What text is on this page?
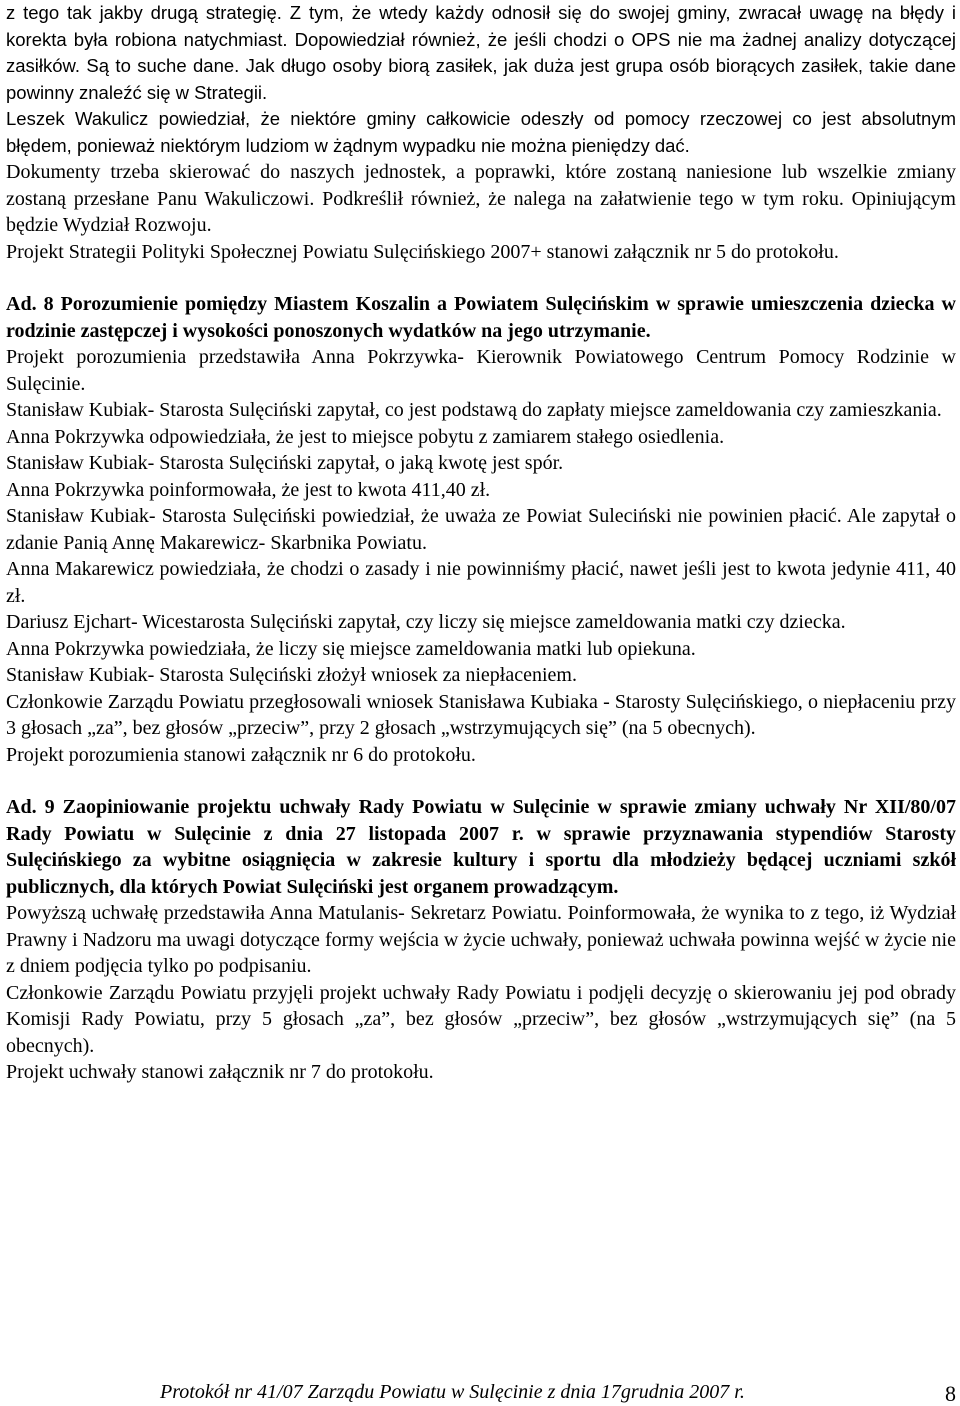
z tego tak jakby drugą strategię. Z tym, że wtedy każdy odnosił się do swojej gminy, zwracał uwagę na błędy i korekta była robiona natychmiast. Dopowiedział również, że jeśli chodzi o OPS nie ma żadnej analizy dotyczącej zasiłków. Są to suche dane. Jak długo osoby biorą zasiłek, jak duża jest grupa osób biorących zasiłek, takie dane powinny znaleźć się w Strategii.

Leszek Wakulicz powiedział, że niektóre gminy całkowicie odeszły od pomocy rzeczowej co jest absolutnym błędem, ponieważ niektórym ludziom w żądnym wypadku nie można pieniędzy dać.

Dokumenty trzeba skierować do naszych jednostek, a poprawki, które zostaną naniesione lub wszelkie zmiany zostaną przesłane Panu Wakuliczowi. Podkreślił również, że nalega na załatwienie tego w tym roku. Opiniującym będzie Wydział Rozwoju.

Projekt Strategii Polityki Społecznej Powiatu Sulęcińskiego 2007+ stanowi załącznik nr 5 do protokołu.

Ad. 8 Porozumienie pomiędzy Miastem Koszalin a Powiatem Sulęcińskim w sprawie umieszczenia dziecka w rodzinie zastępczej i wysokości ponoszonych wydatków na jego utrzymanie.

Projekt porozumienia przedstawiła Anna Pokrzywka- Kierownik Powiatowego Centrum Pomocy Rodzinie w Sulęcinie.

Stanisław Kubiak- Starosta Sulęciński zapytał, co jest podstawą do zapłaty miejsce zameldowania czy zamieszkania.

Anna Pokrzywka odpowiedziała, że jest to miejsce pobytu z zamiarem stałego osiedlenia.

Stanisław Kubiak- Starosta Sulęciński zapytał, o jaką kwotę jest spór.

Anna Pokrzywka poinformowała, że jest to kwota 411,40 zł.

Stanisław Kubiak- Starosta Sulęciński powiedział, że uważa ze Powiat Suleciński nie powinien płacić. Ale zapytał o zdanie Panią Annę Makarewicz- Skarbnika Powiatu.

Anna Makarewicz powiedziała, że chodzi o zasady i nie powinniśmy płacić, nawet jeśli jest to kwota jedynie 411, 40 zł.

Dariusz Ejchart- Wicestarosta Sulęciński zapytał, czy liczy się miejsce zameldowania matki czy dziecka.

Anna Pokrzywka powiedziała, że liczy się miejsce zameldowania matki lub opiekuna.

Stanisław Kubiak- Starosta Sulęciński złożył wniosek za niepłaceniem.

Członkowie Zarządu Powiatu przegłosowali wniosek Stanisława Kubiaka - Starosty Sulęcińskiego, o niepłaceniu przy 3 głosach „za”, bez głosów „przeciw”, przy 2 głosach „wstrzymujących się” (na 5 obecnych).

Projekt porozumienia stanowi załącznik nr 6 do protokołu.

Ad. 9 Zaopiniowanie projektu uchwały Rady Powiatu w Sulęcinie w sprawie zmiany uchwały Nr XII/80/07 Rady Powiatu w Sulęcinie z dnia 27 listopada 2007 r. w sprawie przyznawania stypendiów Starosty Sulęcińskiego za wybitne osiągnięcia w zakresie kultury i sportu dla młodzieży będącej uczniami szkół publicznych, dla których Powiat Sulęciński jest organem prowadzącym.

Powyższą uchwałę przedstawiła Anna Matulanis- Sekretarz Powiatu. Poinformowała, że wynika to z tego, iż Wydział Prawny i Nadzoru ma uwagi dotyczące formy wejścia w życie uchwały, ponieważ uchwała powinna wejść w życie nie z dniem podjęcia tylko po podpisaniu.

Członkowie Zarządu Powiatu przyjęli projekt uchwały Rady Powiatu i podjęli decyzję o skierowaniu jej pod obrady Komisji Rady Powiatu, przy 5 głosach „za”, bez głosów „przeciw”, bez głosów „wstrzymujących się” (na 5 obecnych).

Projekt uchwały stanowi załącznik nr 7 do protokołu.

Protokół nr 41/07 Zarządu Powiatu w Sulęcinie z dnia 17grudnia 2007 r.	8
